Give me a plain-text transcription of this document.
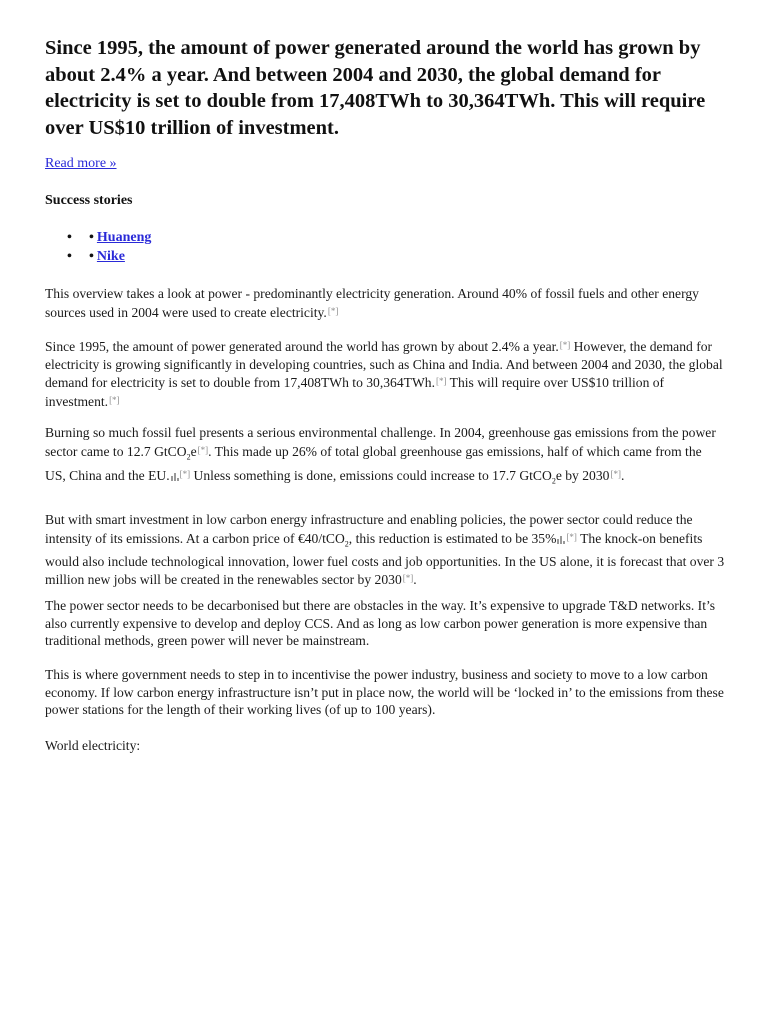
Since 1995, the amount of power generated around the world has grown by about 2.4% a year. And between 2004 and 2030, the global demand for electricity is set to double from 17,408TWh to 30,364TWh. This will require over US$10 trillion of investment.
Read more »
Success stories
• • Huaneng
• • Nike

This overview takes a look at power - predominantly electricity generation. Around 40% of fossil fuels and other energy sources used in 2004 were used to create electricity.[*]

Since 1995, the amount of power generated around the world has grown by about 2.4% a year.[*] However, the demand for electricity is growing significantly in developing countries, such as China and India. And between 2004 and 2030, the global demand for electricity is set to double from 17,408TWh to 30,364TWh.[*] This will require over US$10 trillion of investment.[*]

Burning so much fossil fuel presents a serious environmental challenge. In 2004, greenhouse gas emissions from the power sector came to 12.7 GtCO$_2$e[*]. This made up 26% of total global greenhouse gas emissions, half of which came from the US, China and the EU. [*] Unless something is done, emissions could increase to 17.7 GtCO$_2$e by 2030[*].

But with smart investment in low carbon energy infrastructure and enabling policies, the power sector could reduce the intensity of its emissions. At a carbon price of €40/tCO$_2$, this reduction is estimated to be 35% [*] The knock-on benefits would also include technological innovation, lower fuel costs and job opportunities. In the US alone, it is forecast that over 3 million new jobs will be created in the renewables sector by 2030[*].

The power sector needs to be decarbonised but there are obstacles in the way. It’s expensive to upgrade T&D networks. It’s also currently expensive to develop and deploy CCS. And as long as low carbon power generation is more expensive than traditional methods, green power will never be mainstream.

This is where government needs to step in to incentivise the power industry, business and society to move to a low carbon economy. If low carbon energy infrastructure isn’t put in place now, the world will be ‘locked in’ to the emissions from these power stations for the length of their working lives (of up to 100 years).

World electricity:
